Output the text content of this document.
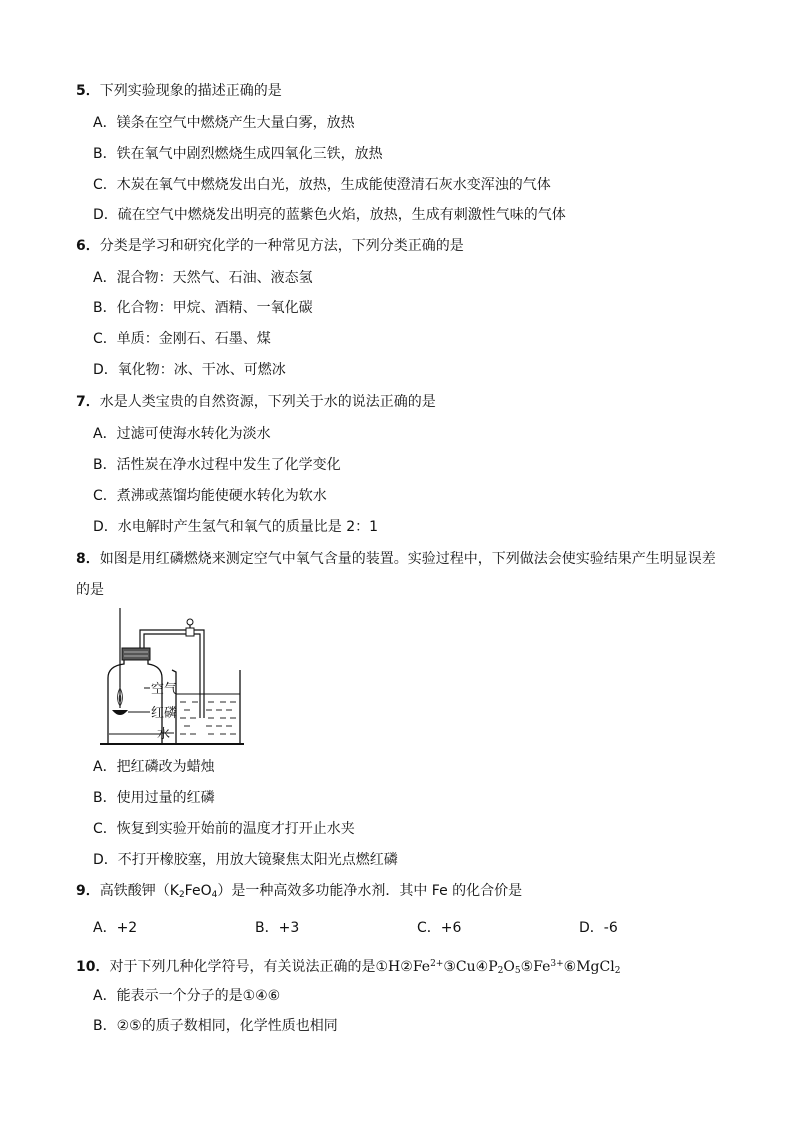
5．下列实验现象的描述正确的是
A．镁条在空气中燃烧产生大量白雾，放热
B．铁在氧气中剧烈燃烧生成四氧化三铁，放热
C．木炭在氧气中燃烧发出白光，放热，生成能使澄清石灰水变浑浊的气体
D．硫在空气中燃烧发出明亮的蓝紫色火焰，放热，生成有刺激性气味的气体
6．分类是学习和研究化学的一种常见方法，下列分类正确的是
A．混合物：天然气、石油、液态氢
B．化合物：甲烷、酒精、一氧化碳
C．单质：金刚石、石墨、煤
D．氧化物：冰、干冰、可燃冰
7．水是人类宝贵的自然资源，下列关于水的说法正确的是
A．过滤可使海水转化为淡水
B．活性炭在净水过程中发生了化学变化
C．煮沸或蒸馏均能使硬水转化为软水
D．水电解时产生氢气和氧气的质量比是 2：1
8．如图是用红磷燃烧来测定空气中氧气含量的装置。实验过程中，下列做法会使实验结果产生明显误差
的是
空气
红磷
水
A．把红磷改为蜡烛
B．使用过量的红磷
C．恢复到实验开始前的温度才打开止水夹
D．不打开橡胶塞，用放大镜聚焦太阳光点燃红磷
9．高铁酸钾$(K_2FeO_4)$是一种高效多功能净水剂．其中 Fe 的化合价是
A．+2	B．+3	C．+6	D．-6
10．对于下列几种化学符号，有关说法正确的是$①H②Fe^{2+}③Cu④P_2O_5⑤Fe^{3+}⑥MgCl_2$
A．能表示一个分子的是①④⑥
B．②⑤的质子数相同，化学性质也相同
